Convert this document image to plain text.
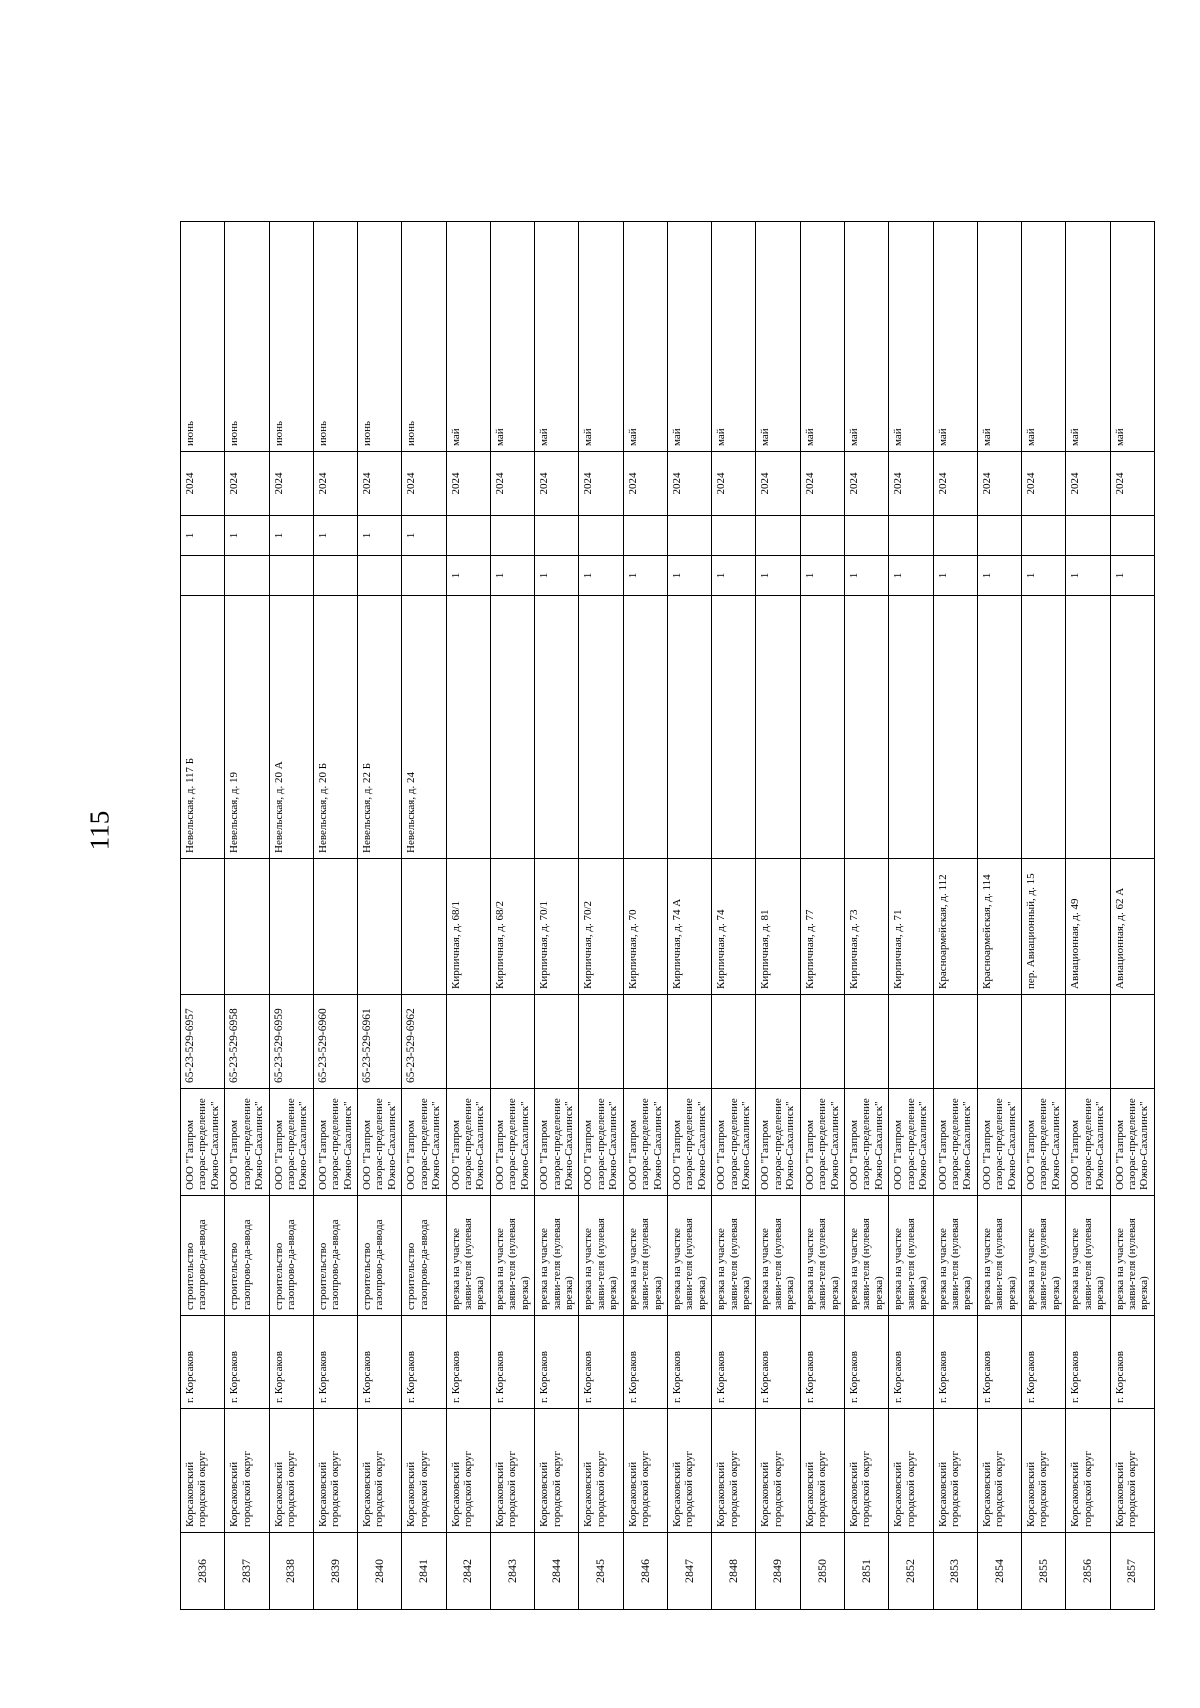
115
2836	Корсаковский городской округ	г. Корсаков	строительство газопрово-да-ввода	ООО "Газпром газорас-пределение Южно-Сахалинск"	65-23-529-6957		Невельская, д. 117 Б		1	2024	июнь
2837	Корсаковский городской округ	г. Корсаков	строительство газопрово-да-ввода	ООО "Газпром газорас-пределение Южно-Сахалинск"	65-23-529-6958		Невельская, д. 19		1	2024	июнь
2838	Корсаковский городской округ	г. Корсаков	строительство газопрово-да-ввода	ООО "Газпром газорас-пределение Южно-Сахалинск"	65-23-529-6959		Невельская, д. 20 А		1	2024	июнь
2839	Корсаковский городской округ	г. Корсаков	строительство газопрово-да-ввода	ООО "Газпром газорас-пределение Южно-Сахалинск"	65-23-529-6960		Невельская, д. 20 Б		1	2024	июнь
2840	Корсаковский городской округ	г. Корсаков	строительство газопрово-да-ввода	ООО "Газпром газорас-пределение Южно-Сахалинск"	65-23-529-6961		Невельская, д. 22 Б		1	2024	июнь
2841	Корсаковский городской округ	г. Корсаков	строительство газопрово-да-ввода	ООО "Газпром газорас-пределение Южно-Сахалинск"	65-23-529-6962		Невельская, д. 24		1	2024	июнь
2842	Корсаковский городской округ	г. Корсаков	врезка на участке заяви-теля (нулевая врезка)	ООО "Газпром газорас-пределение Южно-Сахалинск"		Кирпичная, д. 68/1		1		2024	май
2843	Корсаковский городской округ	г. Корсаков	врезка на участке заяви-теля (нулевая врезка)	ООО "Газпром газорас-пределение Южно-Сахалинск"		Кирпичная, д. 68/2		1		2024	май
2844	Корсаковский городской округ	г. Корсаков	врезка на участке заяви-теля (нулевая врезка)	ООО "Газпром газорас-пределение Южно-Сахалинск"		Кирпичная, д. 70/1		1		2024	май
2845	Корсаковский городской округ	г. Корсаков	врезка на участке заяви-теля (нулевая врезка)	ООО "Газпром газорас-пределение Южно-Сахалинск"		Кирпичная, д. 70/2		1		2024	май
2846	Корсаковский городской округ	г. Корсаков	врезка на участке заяви-теля (нулевая врезка)	ООО "Газпром газорас-пределение Южно-Сахалинск"		Кирпичная, д. 70		1		2024	май
2847	Корсаковский городской округ	г. Корсаков	врезка на участке заяви-теля (нулевая врезка)	ООО "Газпром газорас-пределение Южно-Сахалинск"		Кирпичная, д. 74 А		1		2024	май
2848	Корсаковский городской округ	г. Корсаков	врезка на участке заяви-теля (нулевая врезка)	ООО "Газпром газорас-пределение Южно-Сахалинск"		Кирпичная, д. 74		1		2024	май
2849	Корсаковский городской округ	г. Корсаков	врезка на участке заяви-теля (нулевая врезка)	ООО "Газпром газорас-пределение Южно-Сахалинск"		Кирпичная, д. 81		1		2024	май
2850	Корсаковский городской округ	г. Корсаков	врезка на участке заяви-теля (нулевая врезка)	ООО "Газпром газорас-пределение Южно-Сахалинск"		Кирпичная, д. 77		1		2024	май
2851	Корсаковский городской округ	г. Корсаков	врезка на участке заяви-теля (нулевая врезка)	ООО "Газпром газорас-пределение Южно-Сахалинск"		Кирпичная, д. 73		1		2024	май
2852	Корсаковский городской округ	г. Корсаков	врезка на участке заяви-теля (нулевая врезка)	ООО "Газпром газорас-пределение Южно-Сахалинск"		Кирпичная, д. 71		1		2024	май
2853	Корсаковский городской округ	г. Корсаков	врезка на участке заяви-теля (нулевая врезка)	ООО "Газпром газорас-пределение Южно-Сахалинск"		Красноармейская, д. 112		1		2024	май
2854	Корсаковский городской округ	г. Корсаков	врезка на участке заяви-теля (нулевая врезка)	ООО "Газпром газорас-пределение Южно-Сахалинск"		Красноармейская, д. 114		1		2024	май
2855	Корсаковский городской округ	г. Корсаков	врезка на участке заяви-теля (нулевая врезка)	ООО "Газпром газорас-пределение Южно-Сахалинск"		пер. Авиационный, д. 15		1		2024	май
2856	Корсаковский городской округ	г. Корсаков	врезка на участке заяви-теля (нулевая врезка)	ООО "Газпром газорас-пределение Южно-Сахалинск"		Авиационная, д. 49		1		2024	май
2857	Корсаковский городской округ	г. Корсаков	врезка на участке заяви-теля (нулевая врезка)	ООО "Газпром газорас-пределение Южно-Сахалинск"		Авиационная, д. 62 А		1		2024	май
